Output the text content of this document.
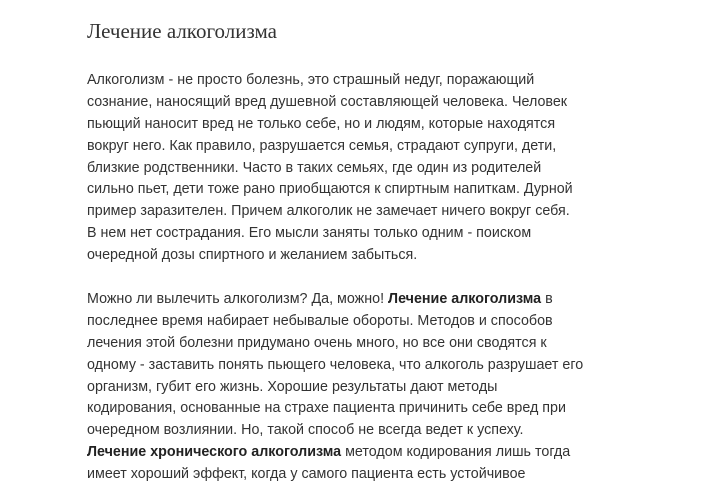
Лечение алкоголизма
Алкоголизм - не просто болезнь, это страшный недуг, поражающий
сознание, наносящий вред душевной составляющей человека. Человек
пьющий наносит вред не только себе, но и людям, которые находятся
вокруг него. Как правило, разрушается семья, страдают супруги, дети,
близкие родственники. Часто в таких семьях, где один из родителей
сильно пьет, дети тоже рано приобщаются к спиртным напиткам. Дурной
пример заразителен. Причем алкоголик не замечает ничего вокруг себя.
В нем нет сострадания. Его мысли заняты только одним - поиском
очередной дозы спиртного и желанием забыться.
Можно ли вылечить алкоголизм? Да, можно! Лечение алкоголизма в
последнее время набирает небывалые обороты. Методов и способов
лечения этой болезни придумано очень много, но все они сводятся к
одному - заставить понять пьющего человека, что алкоголь разрушает его
организм, губит его жизнь. Хорошие результаты дают методы
кодирования, основанные на страхе пациента причинить себе вред при
очередном возлиянии. Но, такой способ не всегда ведет к успеху.
Лечение хронического алкоголизма методом кодирования лишь тогда
имеет хороший эффект, когда у самого пациента есть устойчивое
